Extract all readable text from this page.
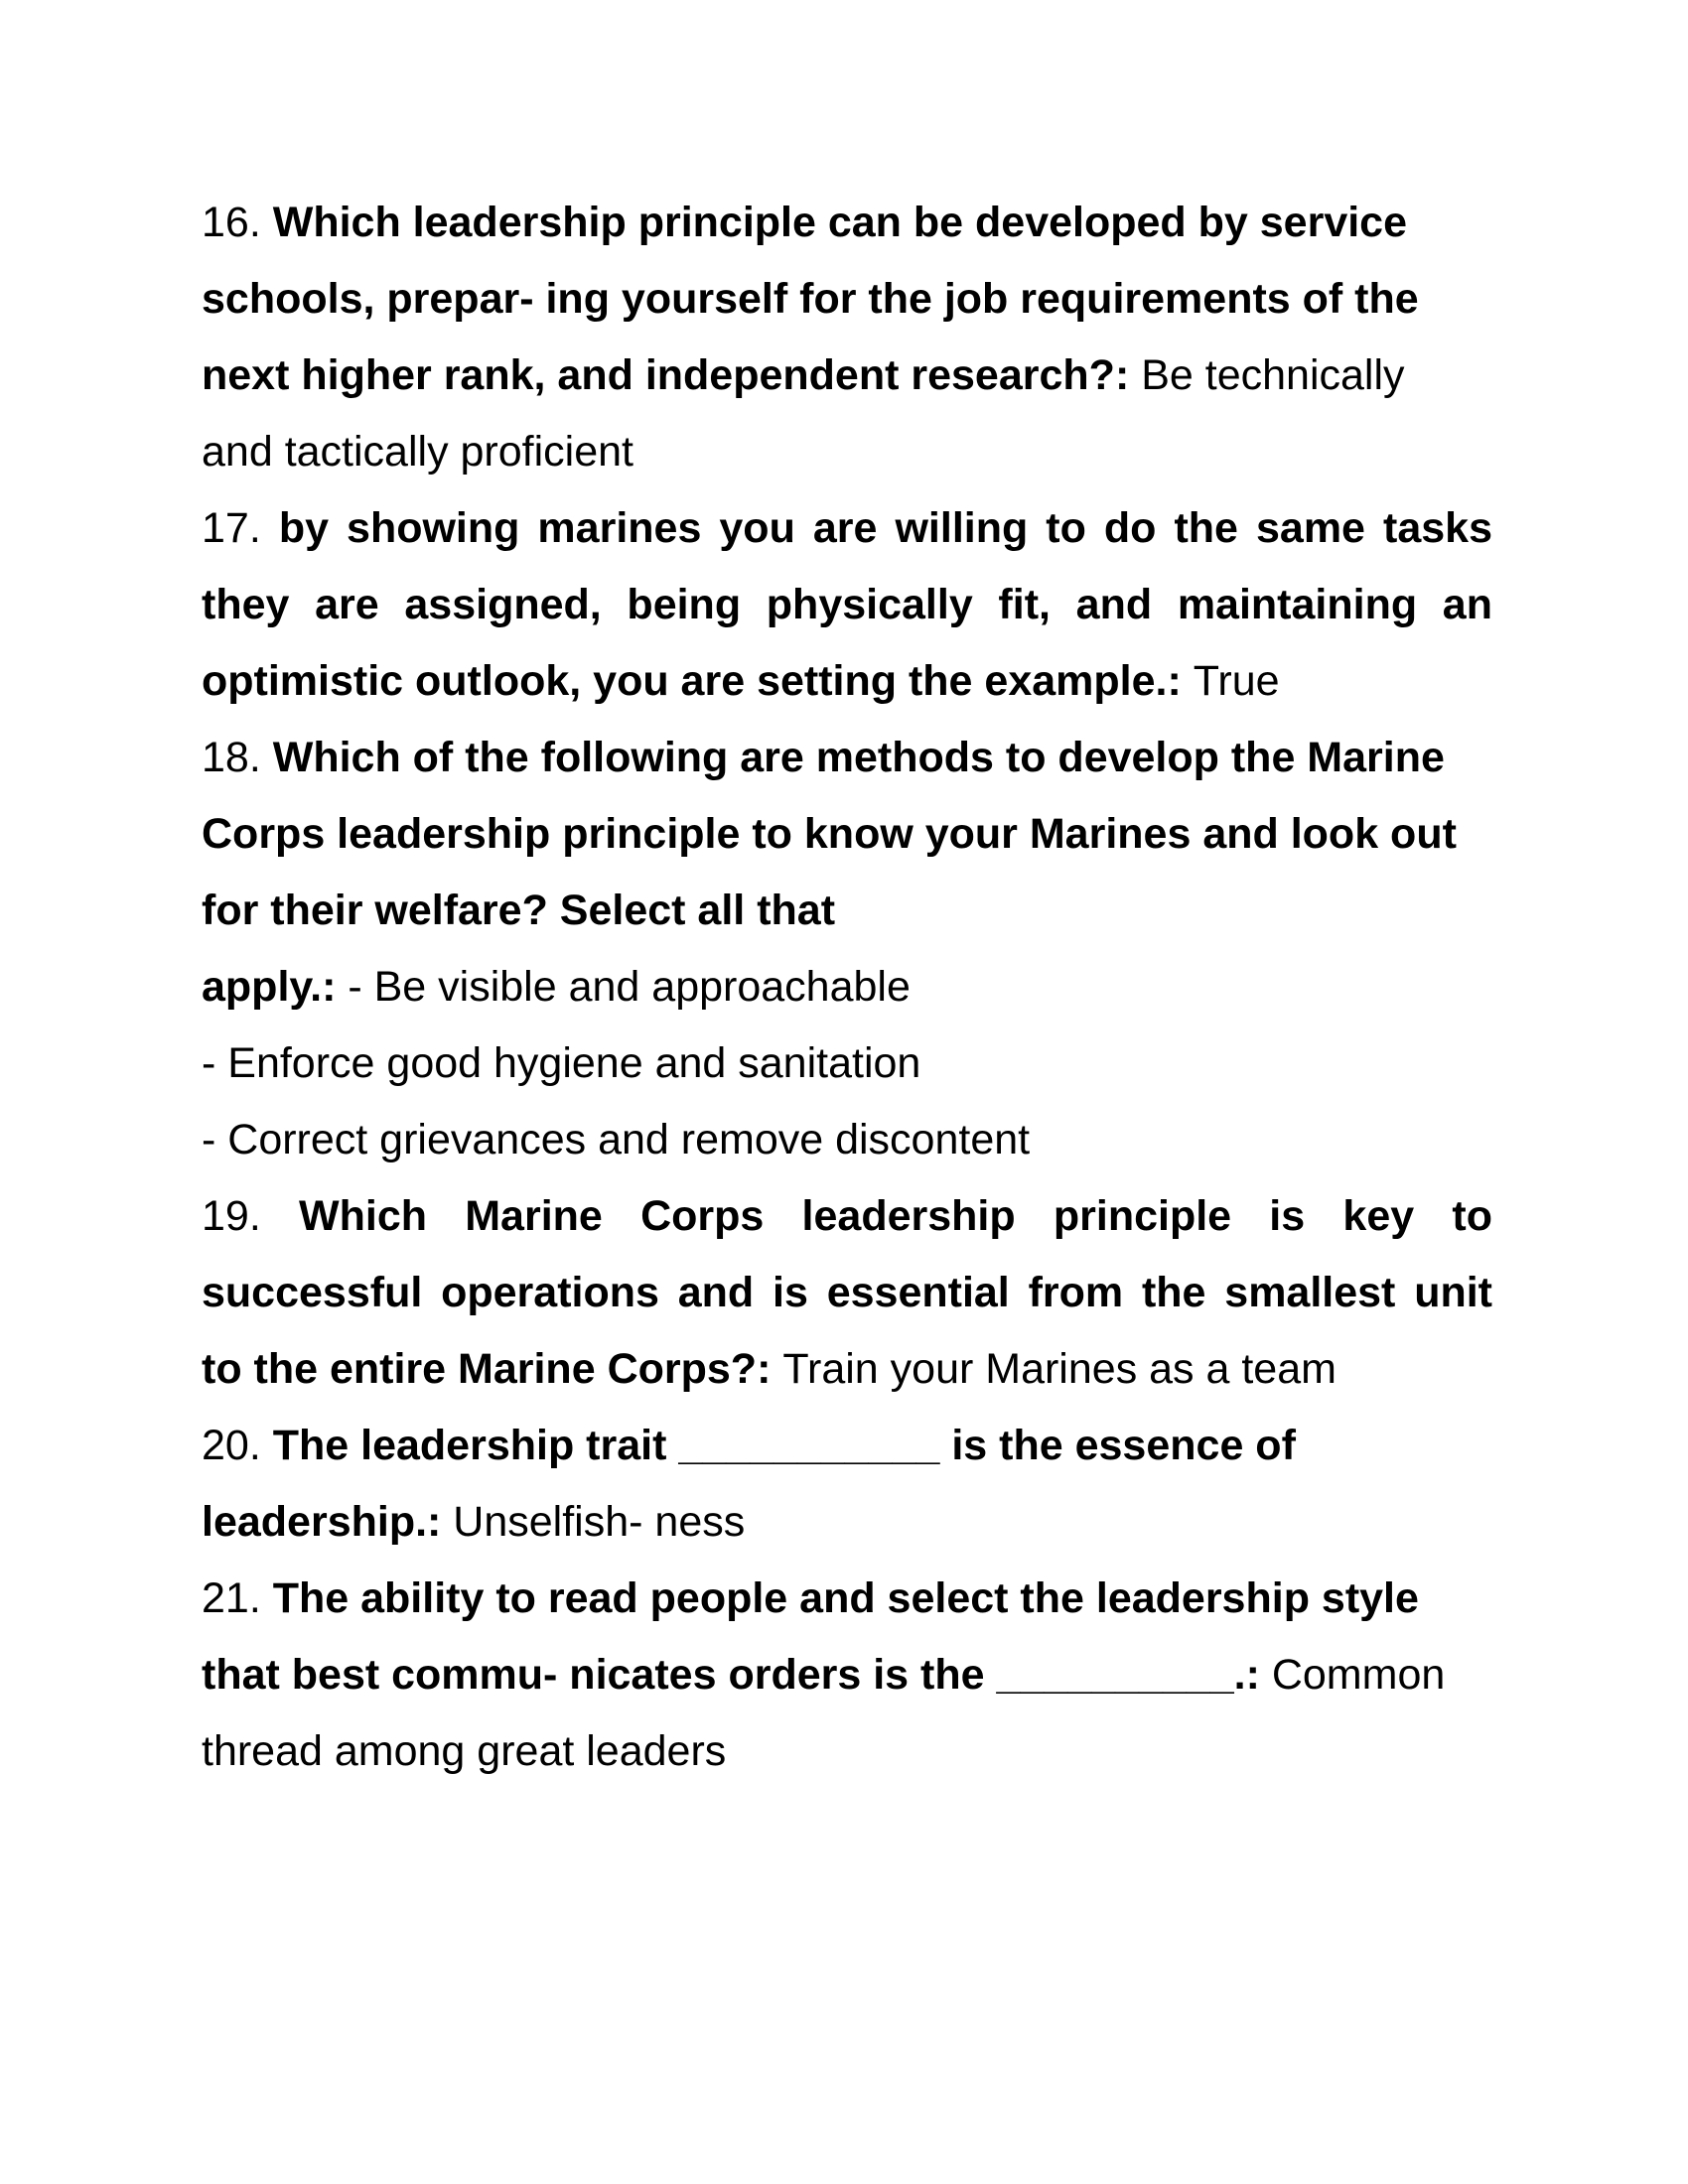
16. Which leadership principle can be developed by service
schools, prepar- ing yourself for the job requirements of the
next higher rank, and independent research?: Be technically
and tactically proficient
17. by showing marines you are willing to do the same tasks
they are assigned, being physically fit, and maintaining an
optimistic outlook, you are setting the example.: True
18. Which of the following are methods to develop the Marine
Corps leadership principle to know your Marines and look out
for their welfare? Select all that
apply.: - Be visible and approachable
- Enforce good hygiene and sanitation
- Correct grievances and remove discontent
19. Which Marine Corps leadership principle is key to
successful operations and is essential from the smallest unit
to the entire Marine Corps?: Train your Marines as a team
20. The leadership trait ___________ is the essence of
leadership.: Unselfish- ness
21. The ability to read people and select the leadership style
that best commu- nicates orders is the __________.: Common
thread among great leaders
